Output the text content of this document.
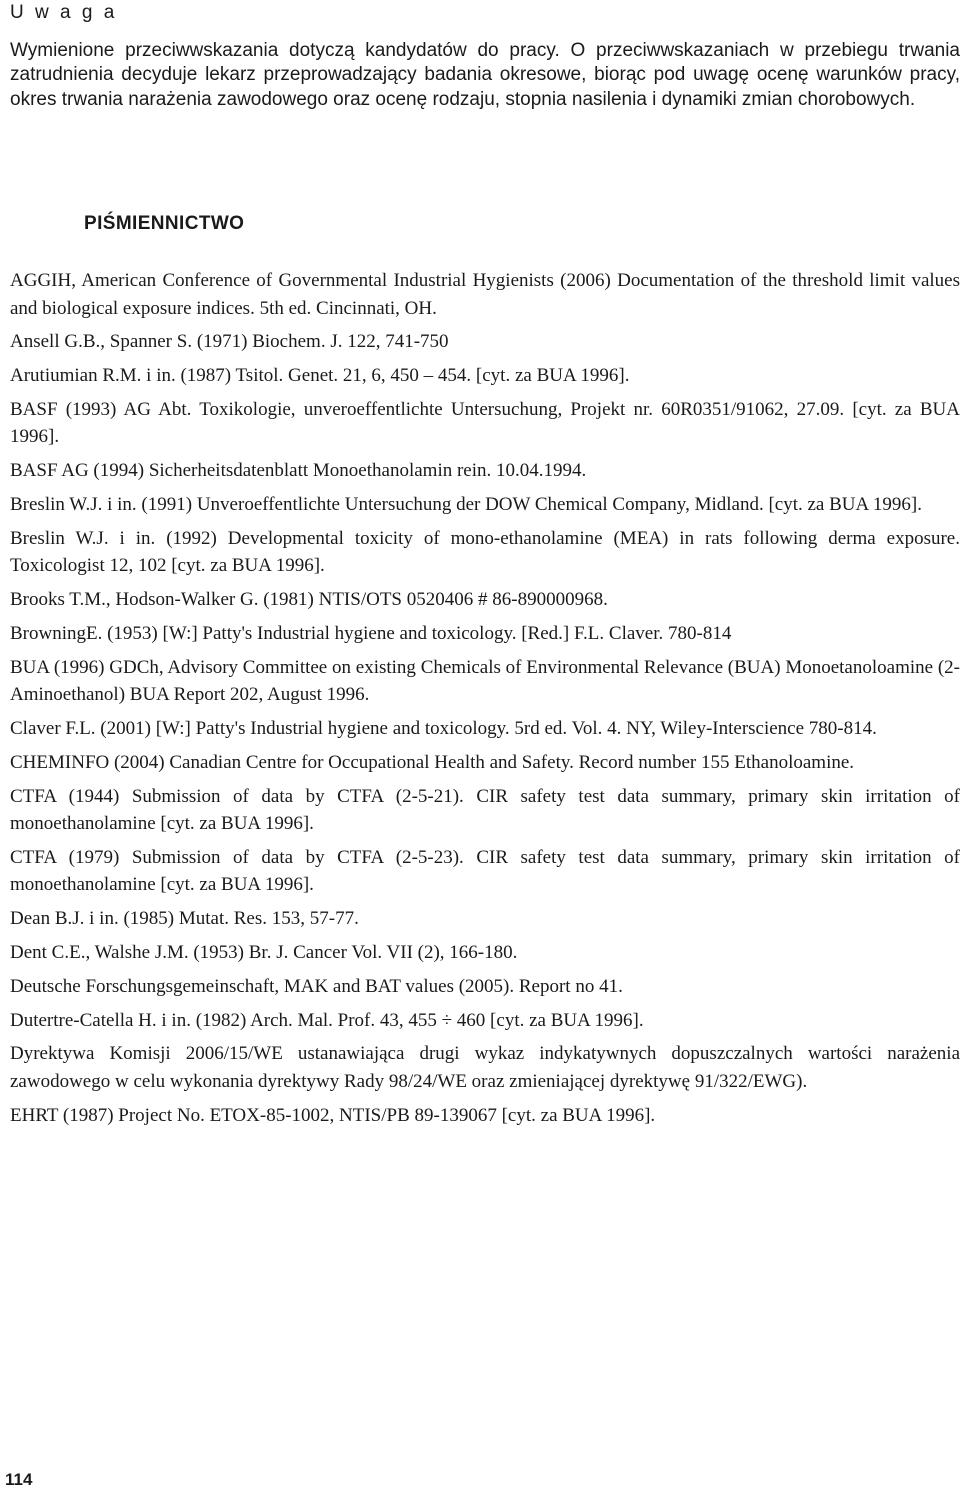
U w a g a

Wymienione przeciwwskazania dotyczą kandydatów do pracy. O przeciwwskazaniach w przebiegu trwania zatrudnienia decyduje lekarz przeprowadzający badania okresowe, biorąc pod uwagę ocenę warunków pracy, okres trwania narażenia zawodowego oraz ocenę rodzaju, stopnia nasilenia i dynamiki zmian chorobowych.

PIŚMIENNICTWO
AGGIH, American Conference of Governmental Industrial Hygienists (2006) Documentation of the threshold limit values and biological exposure indices. 5th ed. Cincinnati, OH.
Ansell G.B., Spanner S. (1971) Biochem. J. 122, 741-750
Arutiumian R.M. i in. (1987) Tsitol. Genet. 21, 6, 450 – 454. [cyt. za BUA 1996].
BASF (1993) AG Abt. Toxikologie, unveroeffentlichte Untersuchung, Projekt nr. 60R0351/91062, 27.09. [cyt. za BUA 1996].
BASF AG (1994) Sicherheitsdatenblatt Monoethanolamin rein. 10.04.1994.
Breslin W.J. i in. (1991) Unveroeffentlichte Untersuchung der DOW Chemical Company, Midland. [cyt. za BUA 1996].
Breslin W.J. i in. (1992) Developmental toxicity of mono-ethanolamine (MEA) in rats following derma exposure. Toxicologist 12, 102 [cyt. za BUA 1996].
Brooks T.M., Hodson-Walker G. (1981) NTIS/OTS 0520406 # 86-890000968.
BrowningE. (1953) [W:] Patty's Industrial hygiene and toxicology. [Red.] F.L. Claver. 780-814
BUA (1996) GDCh, Advisory Committee on existing Chemicals of Environmental Relevance (BUA) Monoetanoloamine (2-Aminoethanol) BUA Report 202, August 1996.
Claver F.L. (2001) [W:] Patty's Industrial hygiene and toxicology. 5rd ed. Vol. 4. NY, Wiley-Interscience 780-814.
CHEMINFO (2004) Canadian Centre for Occupational Health and Safety. Record number 155 Ethanoloamine.
CTFA (1944) Submission of data by CTFA (2-5-21). CIR safety test data summary, primary skin irritation of monoethanolamine [cyt. za BUA 1996].
CTFA (1979) Submission of data by CTFA (2-5-23). CIR safety test data summary, primary skin irritation of monoethanolamine [cyt. za BUA 1996].
Dean B.J. i in. (1985) Mutat. Res. 153, 57-77.
Dent C.E., Walshe J.M. (1953) Br. J. Cancer Vol. VII (2), 166-180.
Deutsche Forschungsgemeinschaft, MAK and BAT values (2005). Report no 41.
Dutertre-Catella H. i in. (1982) Arch. Mal. Prof. 43, 455 ÷ 460 [cyt. za BUA 1996].
Dyrektywa Komisji 2006/15/WE ustanawiająca drugi wykaz indykatywnych dopuszczalnych wartości narażenia zawodowego w celu wykonania dyrektywy Rady 98/24/WE oraz zmieniającej dyrektywę 91/322/EWG).
EHRT (1987) Project No. ETOX-85-1002, NTIS/PB 89-139067 [cyt. za BUA 1996].
114
